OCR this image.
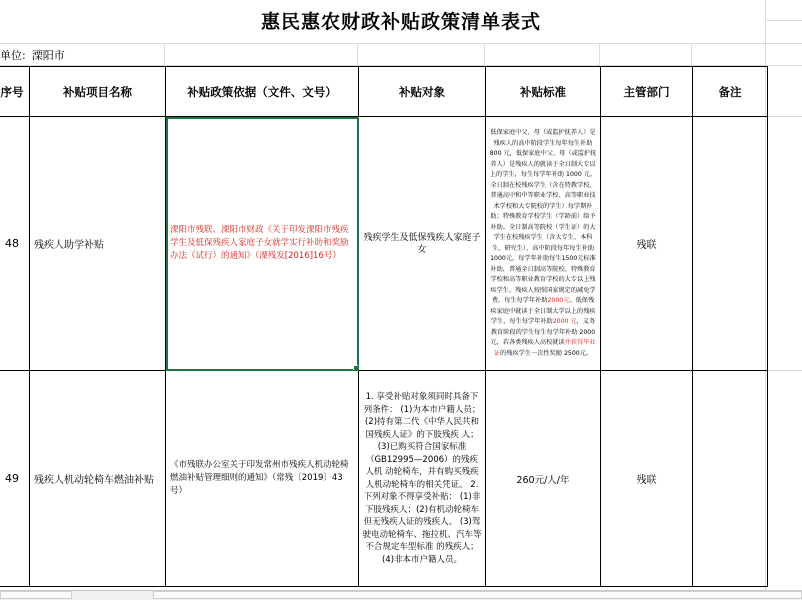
惠民惠农财政补贴政策清单表式
单位: 溧阳市
序号	补贴项目名称	补贴政策依据（文件、文号）	补贴对象	补贴标准	主管部门	备注
48	残疾人助学补贴	溧阳市残联、溧阳市财政《关于印发溧阳市残疾学生及低保残疾人家庭子女就学实行补助和奖励办法（试行）的通知》（溧残发[2016]16号）	残疾学生及低保残疾人家庭子女	低保家庭中父、母（或监护抚养人）是残疾人的高中阶段学生每年每生补助 800 元，低保家庭中父、母（或监护抚养人）是残疾人的就读于全日制大专以上的学生，每生每学年补助 1000 元。全日制在校残疾学生（含在特教学校、普通高中和中等职业学校、高等职业技术学校和大专院校的学生）每学期补助；特殊教育学校学生（学龄前）给予补助。全日制高等院校（学生证）的大学生在校残疾学生（含大专生、本科生、研究生），高中阶段每年每生补助1000元，每学年补助每生1500元标准补助，普通全日制高等院校。特殊教育学校和高等职业教育学校的大专以上残疾学生。残疾人按照国家规定的减免学费。每生每学年补助2000元。低保残疾家庭中就读于全日制大学以上的残疾学生，每生每学年补助2000 元，义务教育阶段的学生每生每学年补助 2000元，若各类残疾人高校就读并获得毕业证的残疾学生一次性奖励 2500元。	残联	
49	残疾人机动轮椅车燃油补贴	《市残联办公室关于印发常州市残疾人机动轮椅燃油补贴管理细则的通知》（常残〔2019〕43号）	1. 享受补贴对象须同时具备下列条件： (1)为本市户籍人员；
(2)持有第二代《中华人民共和国残疾人证》的下肢残疾 人；
(3)已购买符合国家标准（GB12995—2006）的残疾人机 动轮椅车，并有购买残疾人机动轮椅车的相关凭证。 2.
下列对象不得享受补贴： (1)非下肢残疾人；(2)有机动轮椅车但无残疾人证的残疾人。 (3)驾驶电动轮椅车、拖拉机、汽车等不合规定车型标准 的残疾人； (4)非本市户籍人员。	260元/人/年	残联	
